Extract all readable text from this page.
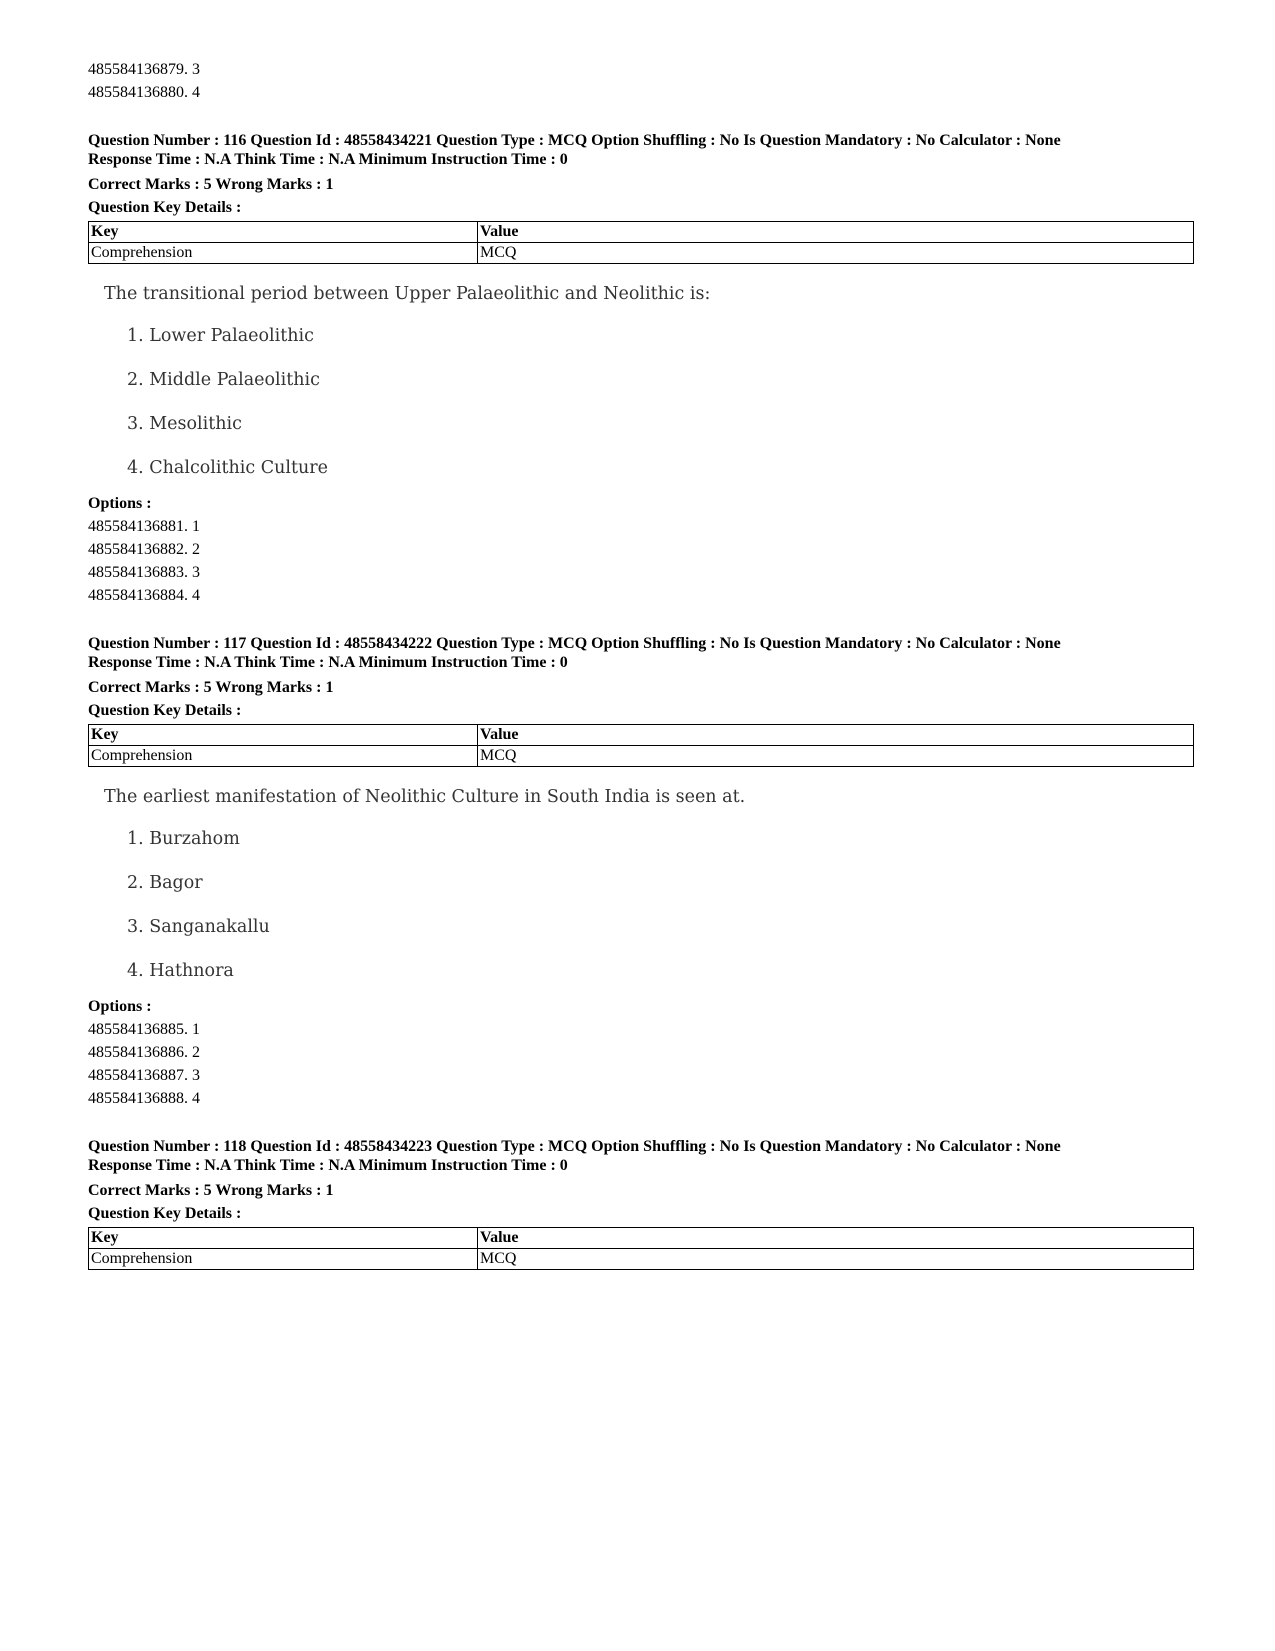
485584136879. 3
485584136880. 4
Question Number : 116 Question Id : 48558434221 Question Type : MCQ Option Shuffling : No Is Question Mandatory : No Calculator : None
Response Time : N.A Think Time : N.A Minimum Instruction Time : 0
Correct Marks : 5 Wrong Marks : 1
Question Key Details :
Key	Value
Comprehension	MCQ
The transitional period between Upper Palaeolithic and Neolithic is:
1. Lower Palaeolithic
2. Middle Palaeolithic
3. Mesolithic
4. Chalcolithic Culture
Options :
485584136881. 1
485584136882. 2
485584136883. 3
485584136884. 4
Question Number : 117 Question Id : 48558434222 Question Type : MCQ Option Shuffling : No Is Question Mandatory : No Calculator : None
Response Time : N.A Think Time : N.A Minimum Instruction Time : 0
Correct Marks : 5 Wrong Marks : 1
Question Key Details :
Key	Value
Comprehension	MCQ
The earliest manifestation of Neolithic Culture in South India is seen at.
1. Burzahom
2. Bagor
3. Sanganakallu
4. Hathnora
Options :
485584136885. 1
485584136886. 2
485584136887. 3
485584136888. 4
Question Number : 118 Question Id : 48558434223 Question Type : MCQ Option Shuffling : No Is Question Mandatory : No Calculator : None
Response Time : N.A Think Time : N.A Minimum Instruction Time : 0
Correct Marks : 5 Wrong Marks : 1
Question Key Details :
Key	Value
Comprehension	MCQ
